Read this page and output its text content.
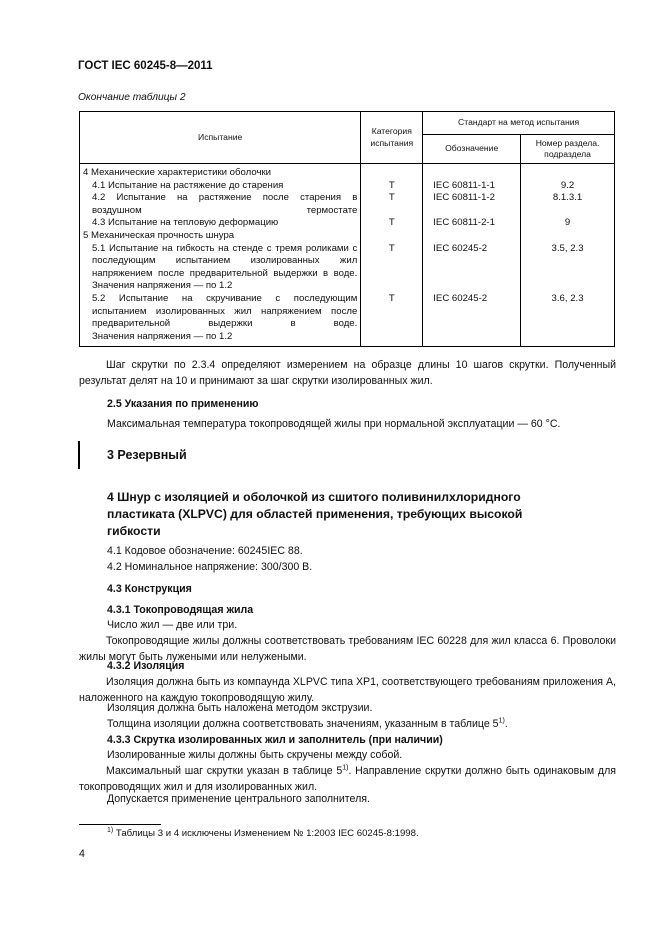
ГОСТ IEC 60245-8—2011
Окончание таблицы 2
Испытание	Категория испытания	Стандарт на метод испытания	
		Обозначение	Номер раздела. подраздела
4 Механические характеристики оболочки			
4.1 Испытание на растяжение до старения	Т	IEC 60811-1-1	9.2
4.2 Испытание на растяжение после старения в воздушном термостате	Т	IEC 60811-1-2	8.1.3.1
4.3 Испытание на тепловую деформацию	Т	IEC 60811-2-1	9
5 Механическая прочность шнура			
5.1 Испытание на гибкость на стенде с тремя роликами с последующим испытанием изолированных жил напряжением после предварительной выдержки в воде.	Т	IEC 60245-2	3.5, 2.3
Значения напряжения — по 1.2			
5.2 Испытание на скручивание с последующим испытанием изолированных жил напряжением после предварительной выдержки в воде.	Т	IEC 60245-2	3.6, 2.3
Значения напряжения — по 1.2			
Шаг скрутки по 2.3.4 определяют измерением на образце длины 10 шагов скрутки. Полученный результат делят на 10 и принимают за шаг скрутки изолированных жил.
2.5 Указания по применению
Максимальная температура токопроводящей жилы при нормальной эксплуатации — 60 °С.
3 Резервный
4 Шнур с изоляцией и оболочкой из сшитого поливинилхлоридного пластиката (XLPVC) для областей применения, требующих высокой гибкости
4.1 Кодовое обозначение: 60245IEC 88.
4.2 Номинальное напряжение: 300/300 В.
4.3 Конструкция
4.3.1 Токопроводящая жила
Число жил — две или три.
Токопроводящие жилы должны соответствовать требованиям IEC 60228 для жил класса 6. Проволоки жилы могут быть лужеными или нелужеными.
4.3.2 Изоляция
Изоляция должна быть из компаунда XLPVC типа XP1, соответствующего требованиям приложения А, наложенного на каждую токопроводящую жилу.
Изоляция должна быть наложена методом экструзии.
Толщина изоляции должна соответствовать значениям, указанным в таблице 5$^{1)}$.
4.3.3 Скрутка изолированных жил и заполнитель (при наличии)
Изолированные жилы должны быть скручены между собой.
Максимальный шаг скрутки указан в таблице 5$^{1)}$. Направление скрутки должно быть одинаковым для токопроводящих жил и для изолированных жил.
Допускается применение центрального заполнителя.
$^{1)}$ Таблицы 3 и 4 исключены Изменением № 1:2003 IEC 60245-8:1998.
4
